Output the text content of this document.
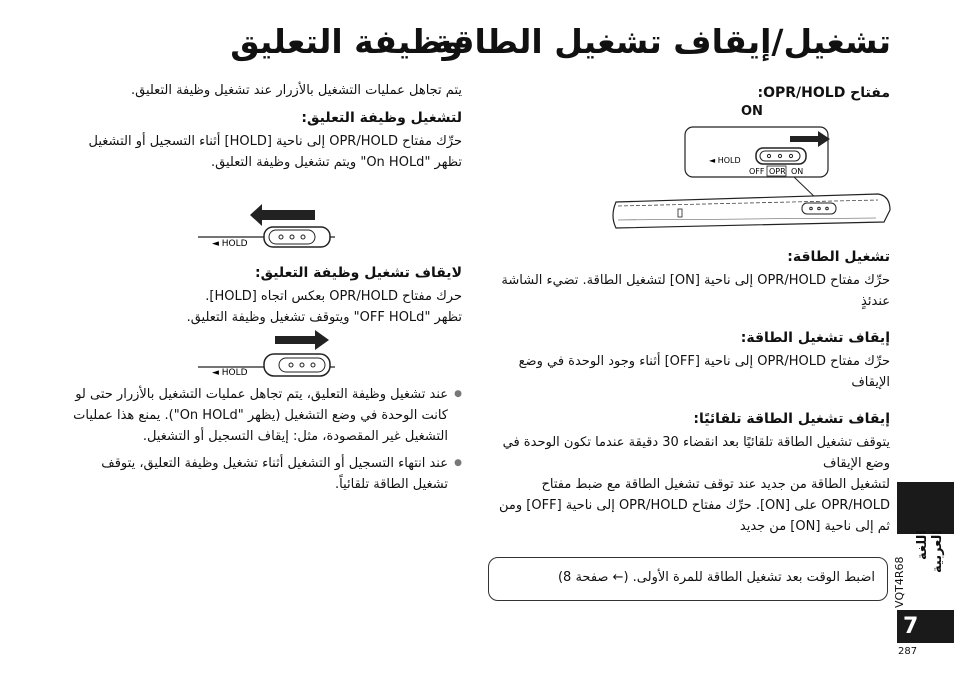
تشغيل/إيقاف تشغيل الطاقة
وظيفة التعليق
مفتاح OPR/HOLD:
ON
◄ HOLD
OFF OPR ON
تشغيل الطاقة:

حرِّك مفتاح OPR/HOLD إلى ناحية [ON] لتشغيل الطاقة. تضيء الشاشة عندئذٍ

إيقاف تشغيل الطاقة:

حرِّك مفتاح OPR/HOLD إلى ناحية [OFF] أثناء وجود الوحدة في وضع الإيقاف

إيقاف تشغيل الطاقة تلقائيًا:

يتوقف تشغيل الطاقة تلقائيًا بعد انقضاء 30 دقيقة عندما تكون الوحدة في وضع الإيقاف

لتشغيل الطاقة من جديد عند توقف تشغيل الطاقة مع ضبط مفتاح OPR/HOLD على [ON]. حرِّك مفتاح OPR/HOLD إلى ناحية [OFF] ومن ثم إلى ناحية [ON] من جديد

اضبط الوقت بعد تشغيل الطاقة للمرة الأولى. (← صفحة 8)

يتم تجاهل عمليات التشغيل بالأزرار عند تشغيل وظيفة التعليق.

لتشغيل وظيفة التعليق:

حرِّك مفتاح OPR/HOLD إلى ناحية [HOLD] أثناء التسجيل أو التشغيل

تظهر "On HOLd" ويتم تشغيل وظيفة التعليق.

◄ HOLD
لايقاف تشغيل وظيفة التعليق:

حرك مفتاح OPR/HOLD بعكس اتجاه [HOLD].

تظهر "OFF HOLd" ويتوقف تشغيل وظيفة التعليق.

◄ HOLD

● عند تشغيل وظيفة التعليق، يتم تجاهل عمليات التشغيل بالأزرار حتى لو كانت الوحدة في وضع التشغيل (يظهر "On HOLd"). يمنع هذا عمليات التشغيل غير المقصودة، مثل: إيقاف التسجيل أو التشغيل.

● عند انتهاء التسجيل أو التشغيل أثناء تشغيل وظيفة التعليق، يتوقف تشغيل الطاقة تلقائياً.

اللغة العربية
VQT4R68
7
287
